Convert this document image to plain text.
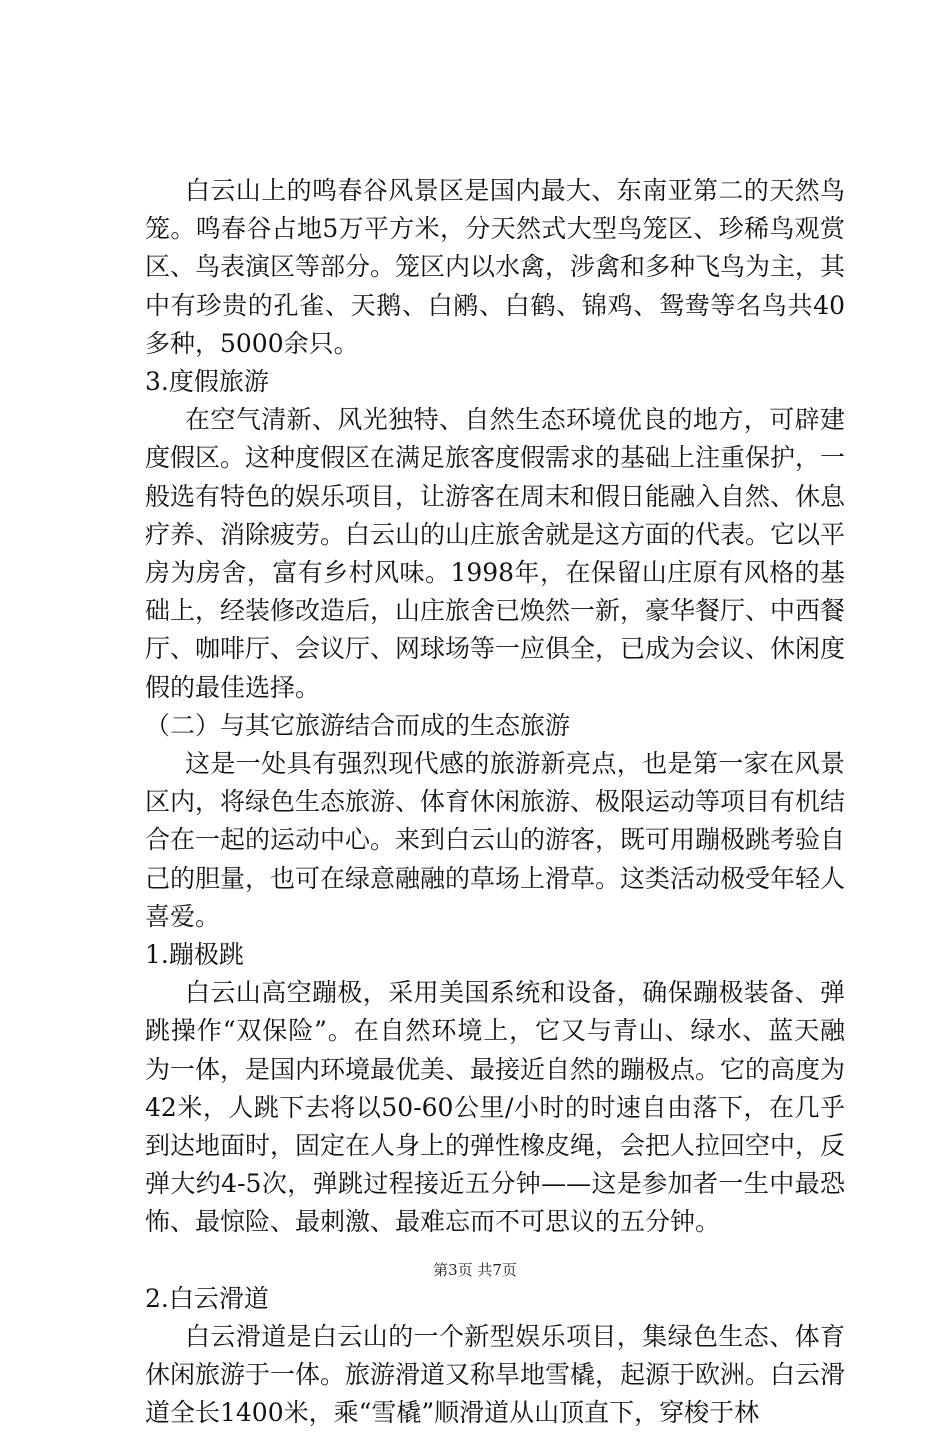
白云山上的鸣春谷风景区是国内最大、东南亚第二的天然鸟笼。鸣春谷占地5万平方米，分天然式大型鸟笼区、珍稀鸟观赏区、鸟表演区等部分。笼区内以水禽，涉禽和多种飞鸟为主，其中有珍贵的孔雀、天鹅、白鹇、白鹤、锦鸡、鸳鸯等名鸟共40多种，5000余只。

3.度假旅游

在空气清新、风光独特、自然生态环境优良的地方，可辟建度假区。这种度假区在满足旅客度假需求的基础上注重保护，一般选有特色的娱乐项目，让游客在周末和假日能融入自然、休息疗养、消除疲劳。白云山的山庄旅舍就是这方面的代表。它以平房为房舍，富有乡村风味。1998年，在保留山庄原有风格的基础上，经装修改造后，山庄旅舍已焕然一新，豪华餐厅、中西餐厅、咖啡厅、会议厅、网球场等一应俱全，已成为会议、休闲度假的最佳选择。

（二）与其它旅游结合而成的生态旅游

这是一处具有强烈现代感的旅游新亮点，也是第一家在风景区内，将绿色生态旅游、体育休闲旅游、极限运动等项目有机结合在一起的运动中心。来到白云山的游客，既可用蹦极跳考验自己的胆量，也可在绿意融融的草场上滑草。这类活动极受年轻人喜爱。

1.蹦极跳

白云山高空蹦极，采用美国系统和设备，确保蹦极装备、弹跳操作“双保险”。在自然环境上，它又与青山、绿水、蓝天融为一体，是国内环境最优美、最接近自然的蹦极点。它的高度为42米，人跳下去将以50-60公里/小时的时速自由落下，在几乎到达地面时，固定在人身上的弹性橡皮绳，会把人拉回空中，反弹大约4-5次，弹跳过程接近五分钟——这是参加者一生中最恐怖、最惊险、最刺激、最难忘而不可思议的五分钟。

2.白云滑道

白云滑道是白云山的一个新型娱乐项目，集绿色生态、体育休闲旅游于一体。旅游滑道又称旱地雪橇，起源于欧洲。白云滑道全长1400米，乘“雪橇”顺滑道从山顶直下，穿梭于林

第3页 共7页
